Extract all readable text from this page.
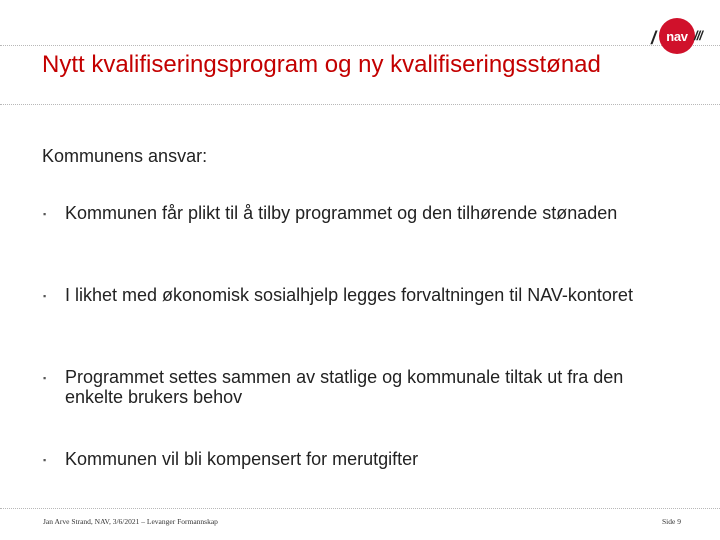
/ nav ///
Nytt kvalifiseringsprogram og ny kvalifiseringsstønad

Kommunens ansvar:

▪	Kommunen får plikt til å tilby programmet og den tilhørende stønaden
▪	I likhet med økonomisk sosialhjelp legges forvaltningen til NAV-kontoret
▪	Programmet settes sammen av statlige og kommunale tiltak ut fra den enkelte brukers behov
▪	Kommunen vil bli kompensert for merutgifter
Jan Arve Strand, NAV, 3/6/2021 – Levanger Formannskap	Side 9
